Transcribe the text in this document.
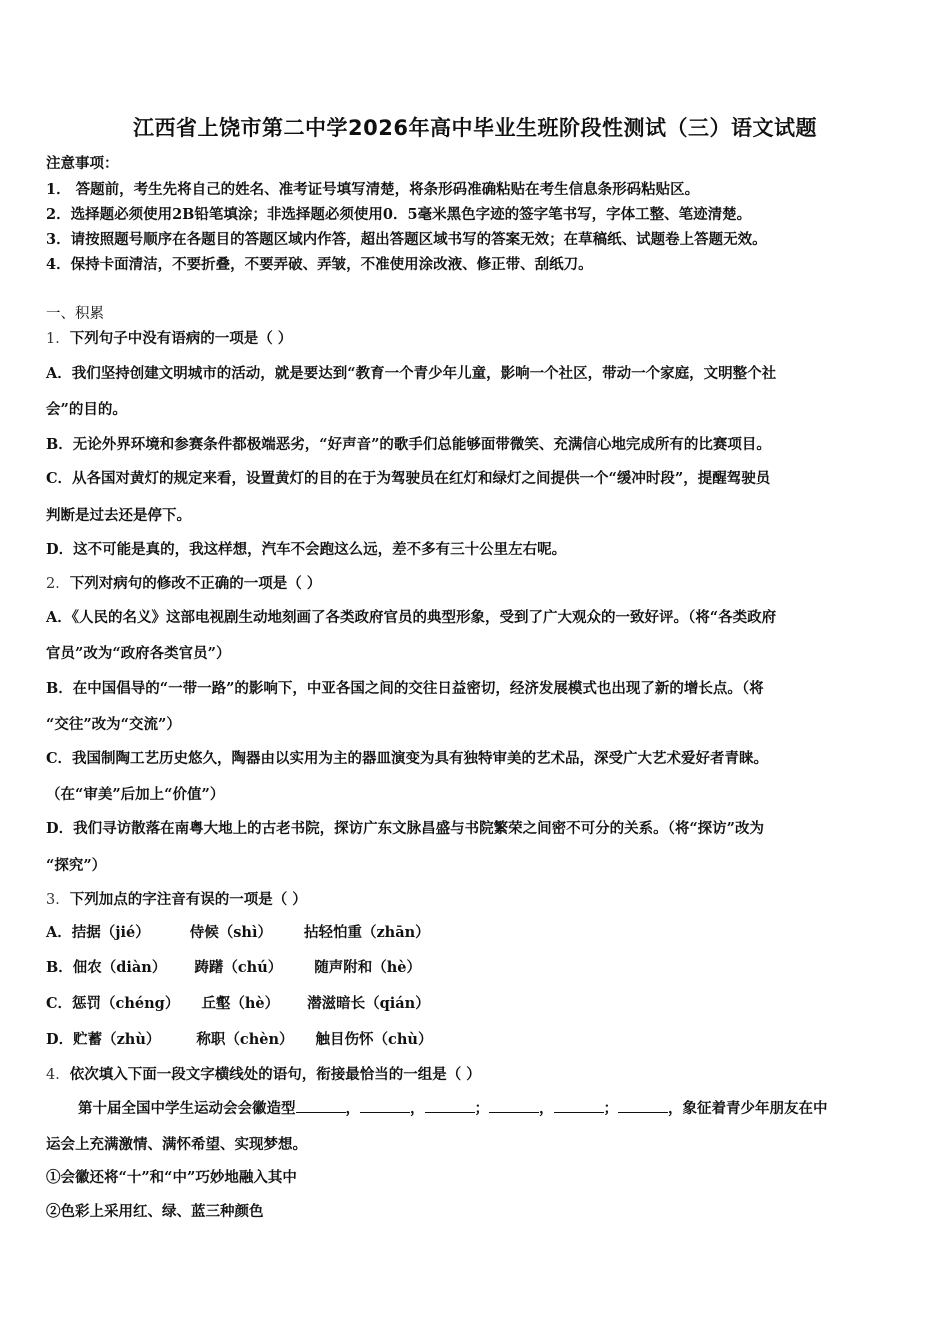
江西省上饶市第二中学2026年高中毕业生班阶段性测试（三）语文试题
注意事项：
1． 答题前，考生先将自己的姓名、准考证号填写清楚，将条形码准确粘贴在考生信息条形码粘贴区。
2．选择题必须使用2B铅笔填涂；非选择题必须使用0．5毫米黑色字迹的签字笔书写，字体工整、笔迹清楚。
3．请按照题号顺序在各题目的答题区域内作答，超出答题区域书写的答案无效；在草稿纸、试题卷上答题无效。
4．保持卡面清洁，不要折叠，不要弄破、弄皱，不准使用涂改液、修正带、刮纸刀。
一、积累
1．下列句子中没有语病的一项是（ ）
A．我们坚持创建文明城市的活动，就是要达到“教育一个青少年儿童，影响一个社区，带动一个家庭，文明整个社
会”的目的。
B．无论外界环境和参赛条件都极端恶劣，“好声音”的歌手们总能够面带微笑、充满信心地完成所有的比赛项目。
C．从各国对黄灯的规定来看，设置黄灯的目的在于为驾驶员在红灯和绿灯之间提供一个“缓冲时段”，提醒驾驶员
判断是过去还是停下。
D．这不可能是真的，我这样想，汽车不会跑这么远，差不多有三十公里左右呢。
2．下列对病句的修改不正确的一项是（ ）
A．《人民的名义》这部电视剧生动地刻画了各类政府官员的典型形象，受到了广大观众的一致好评。（将“各类政府
官员”改为“政府各类官员”）
B．在中国倡导的“一带一路”的影响下，中亚各国之间的交往日益密切，经济发展模式也出现了新的增长点。（将
“交往”改为“交流”）
C．我国制陶工艺历史悠久，陶器由以实用为主的器皿演变为具有独特审美的艺术品，深受广大艺术爱好者青睐。
（在“审美”后加上“价值”）
D．我们寻访散落在南粤大地上的古老书院，探访广东文脉昌盛与书院繁荣之间密不可分的关系。（将“探访”改为
“探究”）
3．下列加点的字注音有误的一项是（ ）
A．拮据（jié）	侍候（shì） 拈轻怕重（zhān）
B．佃农（diàn） 踌躇（chú） 随声附和（hè）
C．惩罚（chéng） 丘壑（hè） 潜滋暗长（qián）
D．贮蓄（zhù） 称职（chèn） 触目伤怀（chù）
4．依次填入下面一段文字横线处的语句，衔接最恰当的一组是（ ）
第十届全国中学生运动会会徽造型	，	，	；	，	；	，象征着青少年朋友在中
运会上充满激情、满怀希望、实现梦想。
①会徽还将“十”和“中”巧妙地融入其中
②色彩上采用红、绿、蓝三种颜色
